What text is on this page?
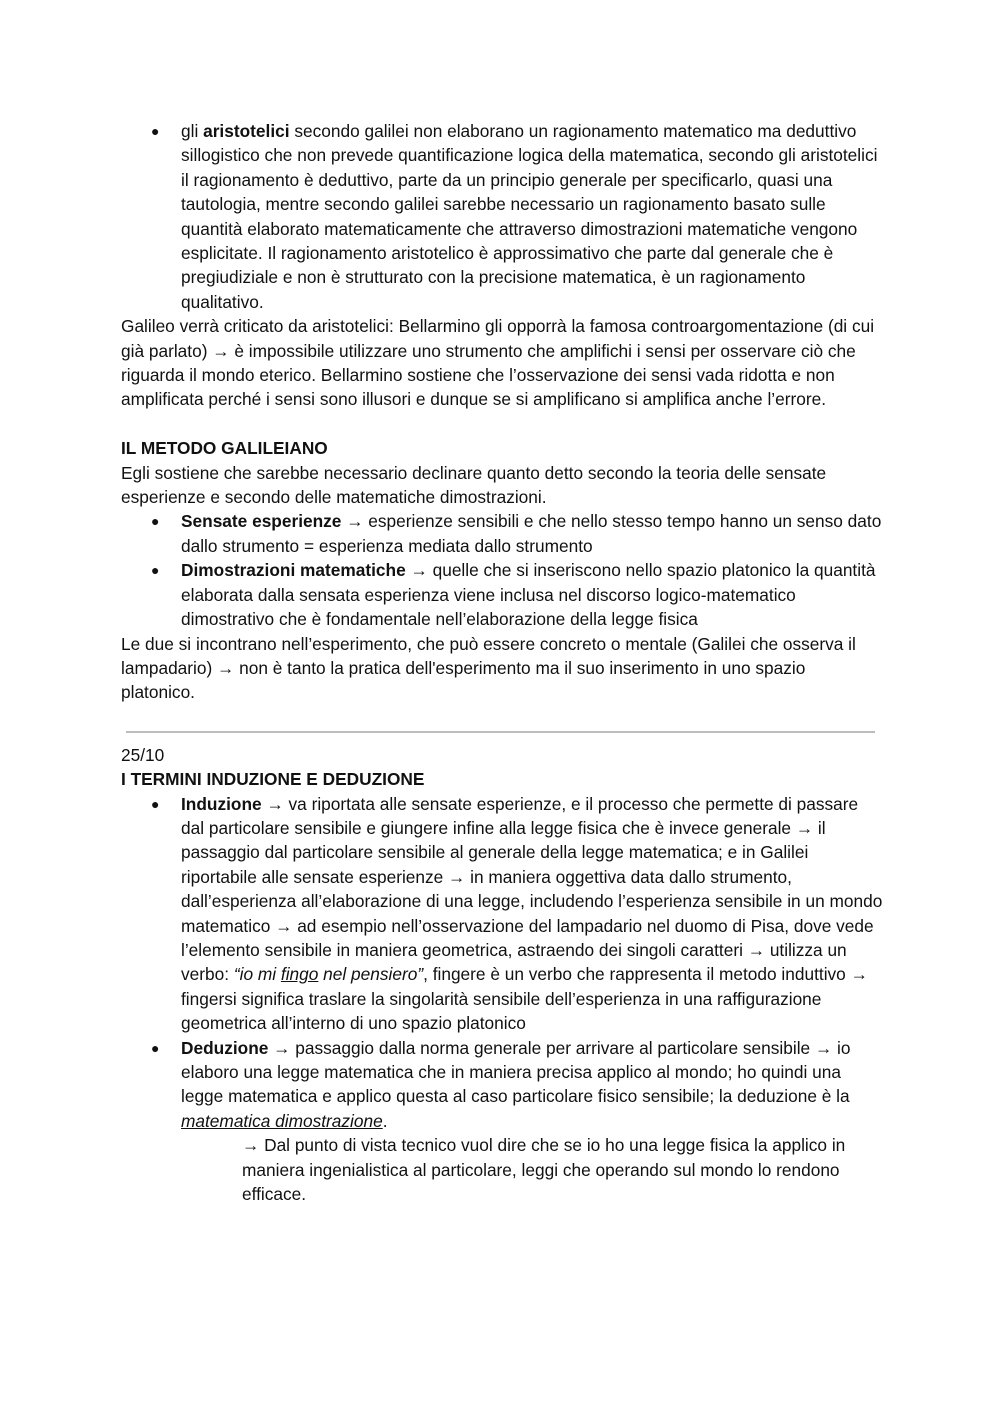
● gli aristotelici secondo galilei non elaborano un ragionamento matematico ma deduttivo sillogistico che non prevede quantificazione logica della matematica, secondo gli aristotelici il ragionamento è deduttivo, parte da un principio generale per specificarlo, quasi una tautologia, mentre secondo galilei sarebbe necessario un ragionamento basato sulle quantità elaborato matematicamente che attraverso dimostrazioni matematiche vengono esplicitate. Il ragionamento aristotelico è approssimativo che parte dal generale che è pregiudiziale e non è strutturato con la precisione matematica, è un ragionamento qualitativo.

Galileo verrà criticato da aristotelici: Bellarmino gli opporrà la famosa controargomentazione (di cui già parlato) → è impossibile utilizzare uno strumento che amplifichi i sensi per osservare ciò che riguarda il mondo eterico. Bellarmino sostiene che l’osservazione dei sensi vada ridotta e non amplificata perché i sensi sono illusori e dunque se si amplificano si amplifica anche l’errore.

IL METODO GALILEIANO

Egli sostiene che sarebbe necessario declinare quanto detto secondo la teoria delle sensate esperienze e secondo delle matematiche dimostrazioni.

● Sensate esperienze → esperienze sensibili e che nello stesso tempo hanno un senso dato dallo strumento = esperienza mediata dallo strumento
● Dimostrazioni matematiche → quelle che si inseriscono nello spazio platonico la quantità elaborata dalla sensata esperienza viene inclusa nel discorso logico-matematico dimostrativo che è fondamentale nell’elaborazione della legge fisica

Le due si incontrano nell’esperimento, che può essere concreto o mentale (Galilei che osserva il lampadario) → non è tanto la pratica dell'esperimento ma il suo inserimento in uno spazio platonico.

25/10

I TERMINI INDUZIONE E DEDUZIONE

● Induzione → va riportata alle sensate esperienze, e il processo che permette di passare dal particolare sensibile e giungere infine alla legge fisica che è invece generale → il passaggio dal particolare sensibile al generale della legge matematica; e in Galilei riportabile alle sensate esperienze → in maniera oggettiva data dallo strumento, dall’esperienza all’elaborazione di una legge, includendo l’esperienza sensibile in un mondo matematico → ad esempio nell’osservazione del lampadario nel duomo di Pisa, dove vede l’elemento sensibile in maniera geometrica, astraendo dei singoli caratteri → utilizza un verbo: “io mi fingo nel pensiero”, fingere è un verbo che rappresenta il metodo induttivo → fingersi significa traslare la singolarità sensibile dell’esperienza in una raffigurazione geometrica all’interno di uno spazio platonico
● Deduzione → passaggio dalla norma generale per arrivare al particolare sensibile → io elaboro una legge matematica che in maniera precisa applico al mondo; ho quindi una legge matematica e applico questa al caso particolare fisico sensibile; la deduzione è la matematica dimostrazione.

→ Dal punto di vista tecnico vuol dire che se io ho una legge fisica la applico in maniera ingenialistica al particolare, leggi che operando sul mondo lo rendono efficace.
